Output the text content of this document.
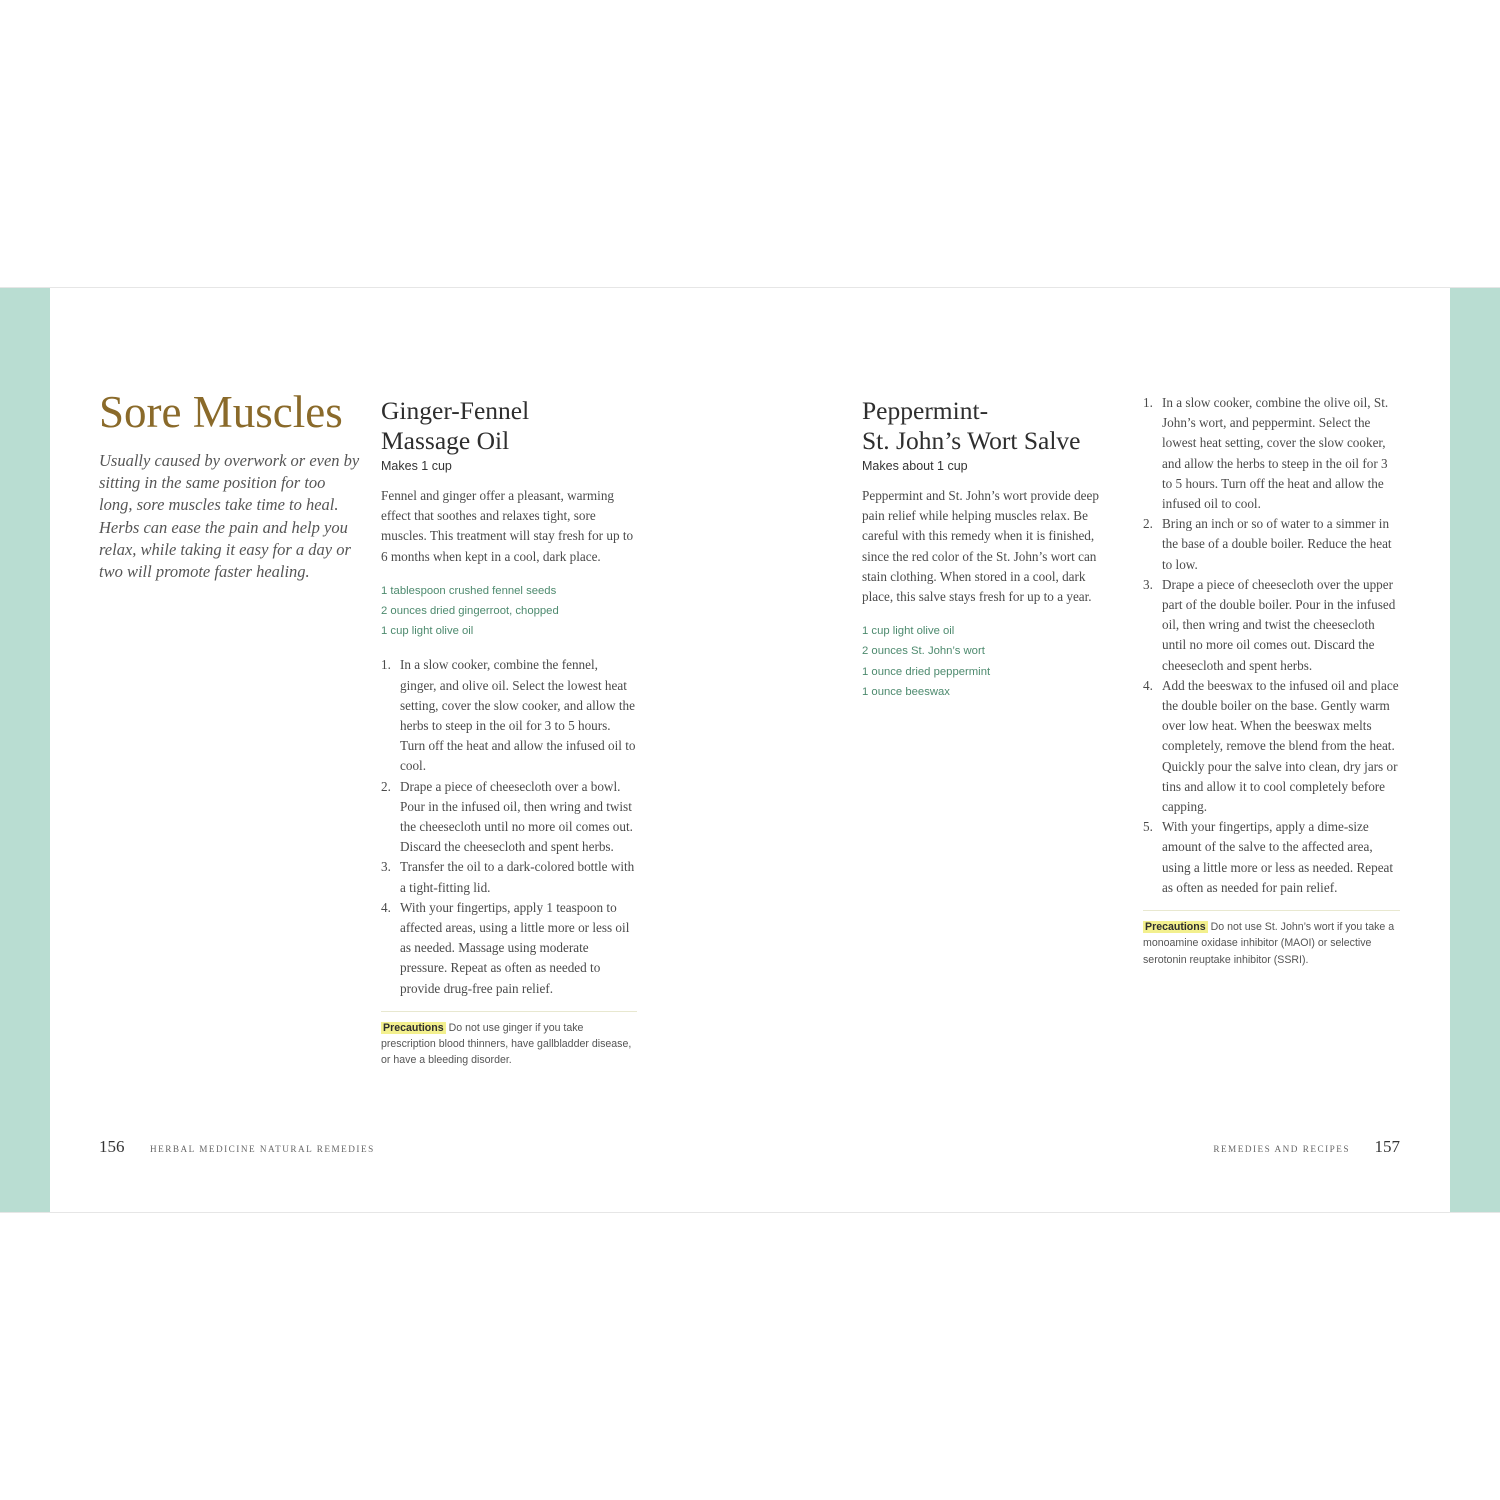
Sore Muscles

Usually caused by overwork or even by sitting in the same position for too long, sore muscles take time to heal. Herbs can ease the pain and help you relax, while taking it easy for a day or two will promote faster healing.

Ginger-Fennel
Massage Oil

Makes 1 cup

Fennel and ginger offer a pleasant, warming effect that soothes and relaxes tight, sore muscles. This treatment will stay fresh for up to 6 months when kept in a cool, dark place.

1 tablespoon crushed fennel seeds
2 ounces dried gingerroot, chopped
1 cup light olive oil
1. In a slow cooker, combine the fennel, ginger, and olive oil. Select the lowest heat setting, cover the slow cooker, and allow the herbs to steep in the oil for 3 to 5 hours. Turn off the heat and allow the infused oil to cool.
2. Drape a piece of cheesecloth over a bowl. Pour in the infused oil, then wring and twist the cheesecloth until no more oil comes out. Discard the cheesecloth and spent herbs.
3. Transfer the oil to a dark-colored bottle with a tight-fitting lid.
4. With your fingertips, apply 1 teaspoon to affected areas, using a little more or less oil as needed. Massage using moderate pressure. Repeat as often as needed to provide drug-free pain relief.
Precautions Do not use ginger if you take prescription blood thinners, have gallbladder disease, or have a bleeding disorder.
Peppermint-
St. John’s Wort Salve

Makes about 1 cup

Peppermint and St. John’s wort provide deep pain relief while helping muscles relax. Be careful with this remedy when it is finished, since the red color of the St. John’s wort can stain clothing. When stored in a cool, dark place, this salve stays fresh for up to a year.

1 cup light olive oil
2 ounces St. John’s wort
1 ounce dried peppermint
1 ounce beeswax
1. In a slow cooker, combine the olive oil, St. John’s wort, and peppermint. Select the lowest heat setting, cover the slow cooker, and allow the herbs to steep in the oil for 3 to 5 hours. Turn off the heat and allow the infused oil to cool.
2. Bring an inch or so of water to a simmer in the base of a double boiler. Reduce the heat to low.
3. Drape a piece of cheesecloth over the upper part of the double boiler. Pour in the infused oil, then wring and twist the cheesecloth until no more oil comes out. Discard the cheesecloth and spent herbs.
4. Add the beeswax to the infused oil and place the double boiler on the base. Gently warm over low heat. When the beeswax melts completely, remove the blend from the heat. Quickly pour the salve into clean, dry jars or tins and allow it to cool completely before capping.
5. With your fingertips, apply a dime-size amount of the salve to the affected area, using a little more or less as needed. Repeat as often as needed for pain relief.
Precautions Do not use St. John’s wort if you take a monoamine oxidase inhibitor (MAOI) or selective serotonin reuptake inhibitor (SSRI).
156	HERBAL MEDICINE NATURAL REMEDIES	REMEDIES AND RECIPES 157
